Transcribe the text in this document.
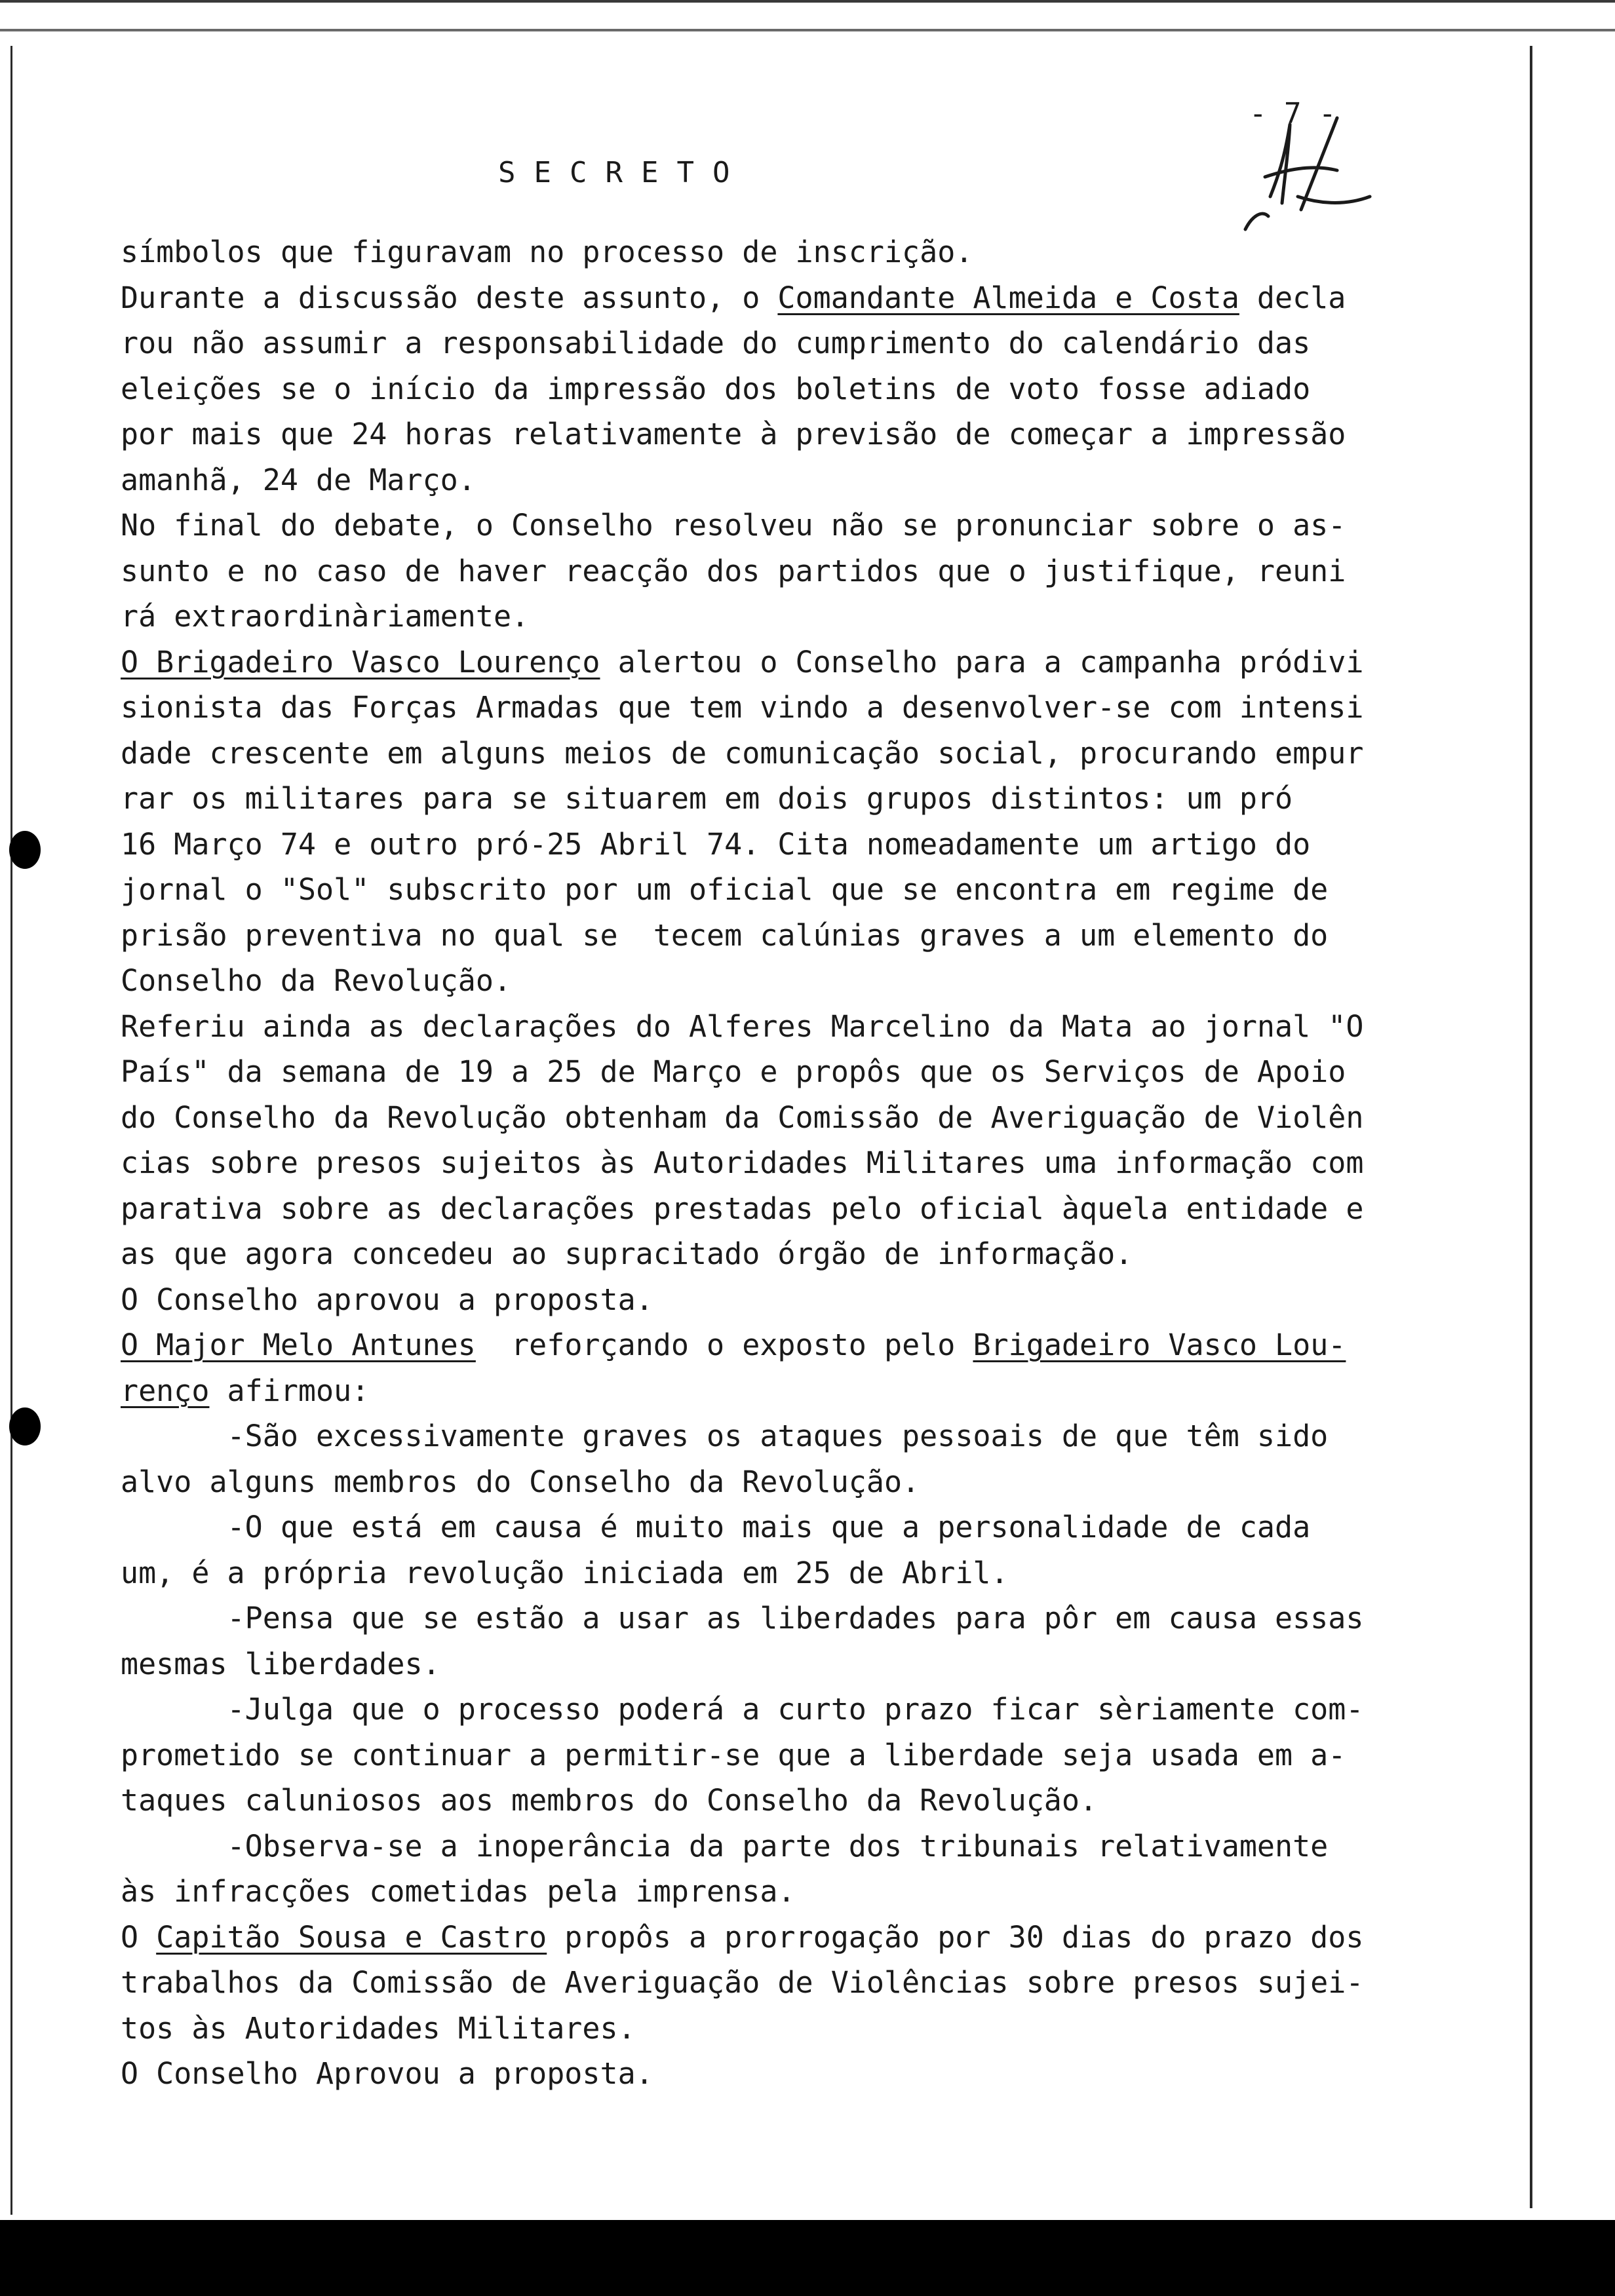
- 7 -
SECRETO
símbolos que figuravam no processo de inscrição.
Durante a discussão deste assunto, o Comandante Almeida e Costa decla
rou não assumir a responsabilidade do cumprimento do calendário das
eleições se o início da impressão dos boletins de voto fosse adiado
por mais que 24 horas relativamente à previsão de começar a impressão
amanhã, 24 de Março.
No final do debate, o Conselho resolveu não se pronunciar sobre o as-
sunto e no caso de haver reacção dos partidos que o justifique, reuni
rá extraordinàriamente.
O Brigadeiro Vasco Lourenço alertou o Conselho para a campanha pródivi
sionista das Forças Armadas que tem vindo a desenvolver-se com intensi
dade crescente em alguns meios de comunicação social, procurando empur
rar os militares para se situarem em dois grupos distintos: um pró
16 Março 74 e outro pró-25 Abril 74. Cita nomeadamente um artigo do
jornal o "Sol" subscrito por um oficial que se encontra em regime de
prisão preventiva no qual se  tecem calúnias graves a um elemento do
Conselho da Revolução.
Referiu ainda as declarações do Alferes Marcelino da Mata ao jornal "O
País" da semana de 19 a 25 de Março e propôs que os Serviços de Apoio
do Conselho da Revolução obtenham da Comissão de Averiguação de Violên
cias sobre presos sujeitos às Autoridades Militares uma informação com
parativa sobre as declarações prestadas pelo oficial àquela entidade e
as que agora concedeu ao supracitado órgão de informação.
O Conselho aprovou a proposta.
O Major Melo Antunes  reforçando o exposto pelo Brigadeiro Vasco Lou-
renço afirmou:
-São excessivamente graves os ataques pessoais de que têm sido
alvo alguns membros do Conselho da Revolução.
-O que está em causa é muito mais que a personalidade de cada
um, é a própria revolução iniciada em 25 de Abril.
-Pensa que se estão a usar as liberdades para pôr em causa essas
mesmas liberdades.
-Julga que o processo poderá a curto prazo ficar sèriamente com-
prometido se continuar a permitir-se que a liberdade seja usada em a-
taques caluniosos aos membros do Conselho da Revolução.
-Observa-se a inoperância da parte dos tribunais relativamente
às infracções cometidas pela imprensa.
O Capitão Sousa e Castro propôs a prorrogação por 30 dias do prazo dos
trabalhos da Comissão de Averiguação de Violências sobre presos sujei-
tos às Autoridades Militares.
O Conselho Aprovou a proposta.
